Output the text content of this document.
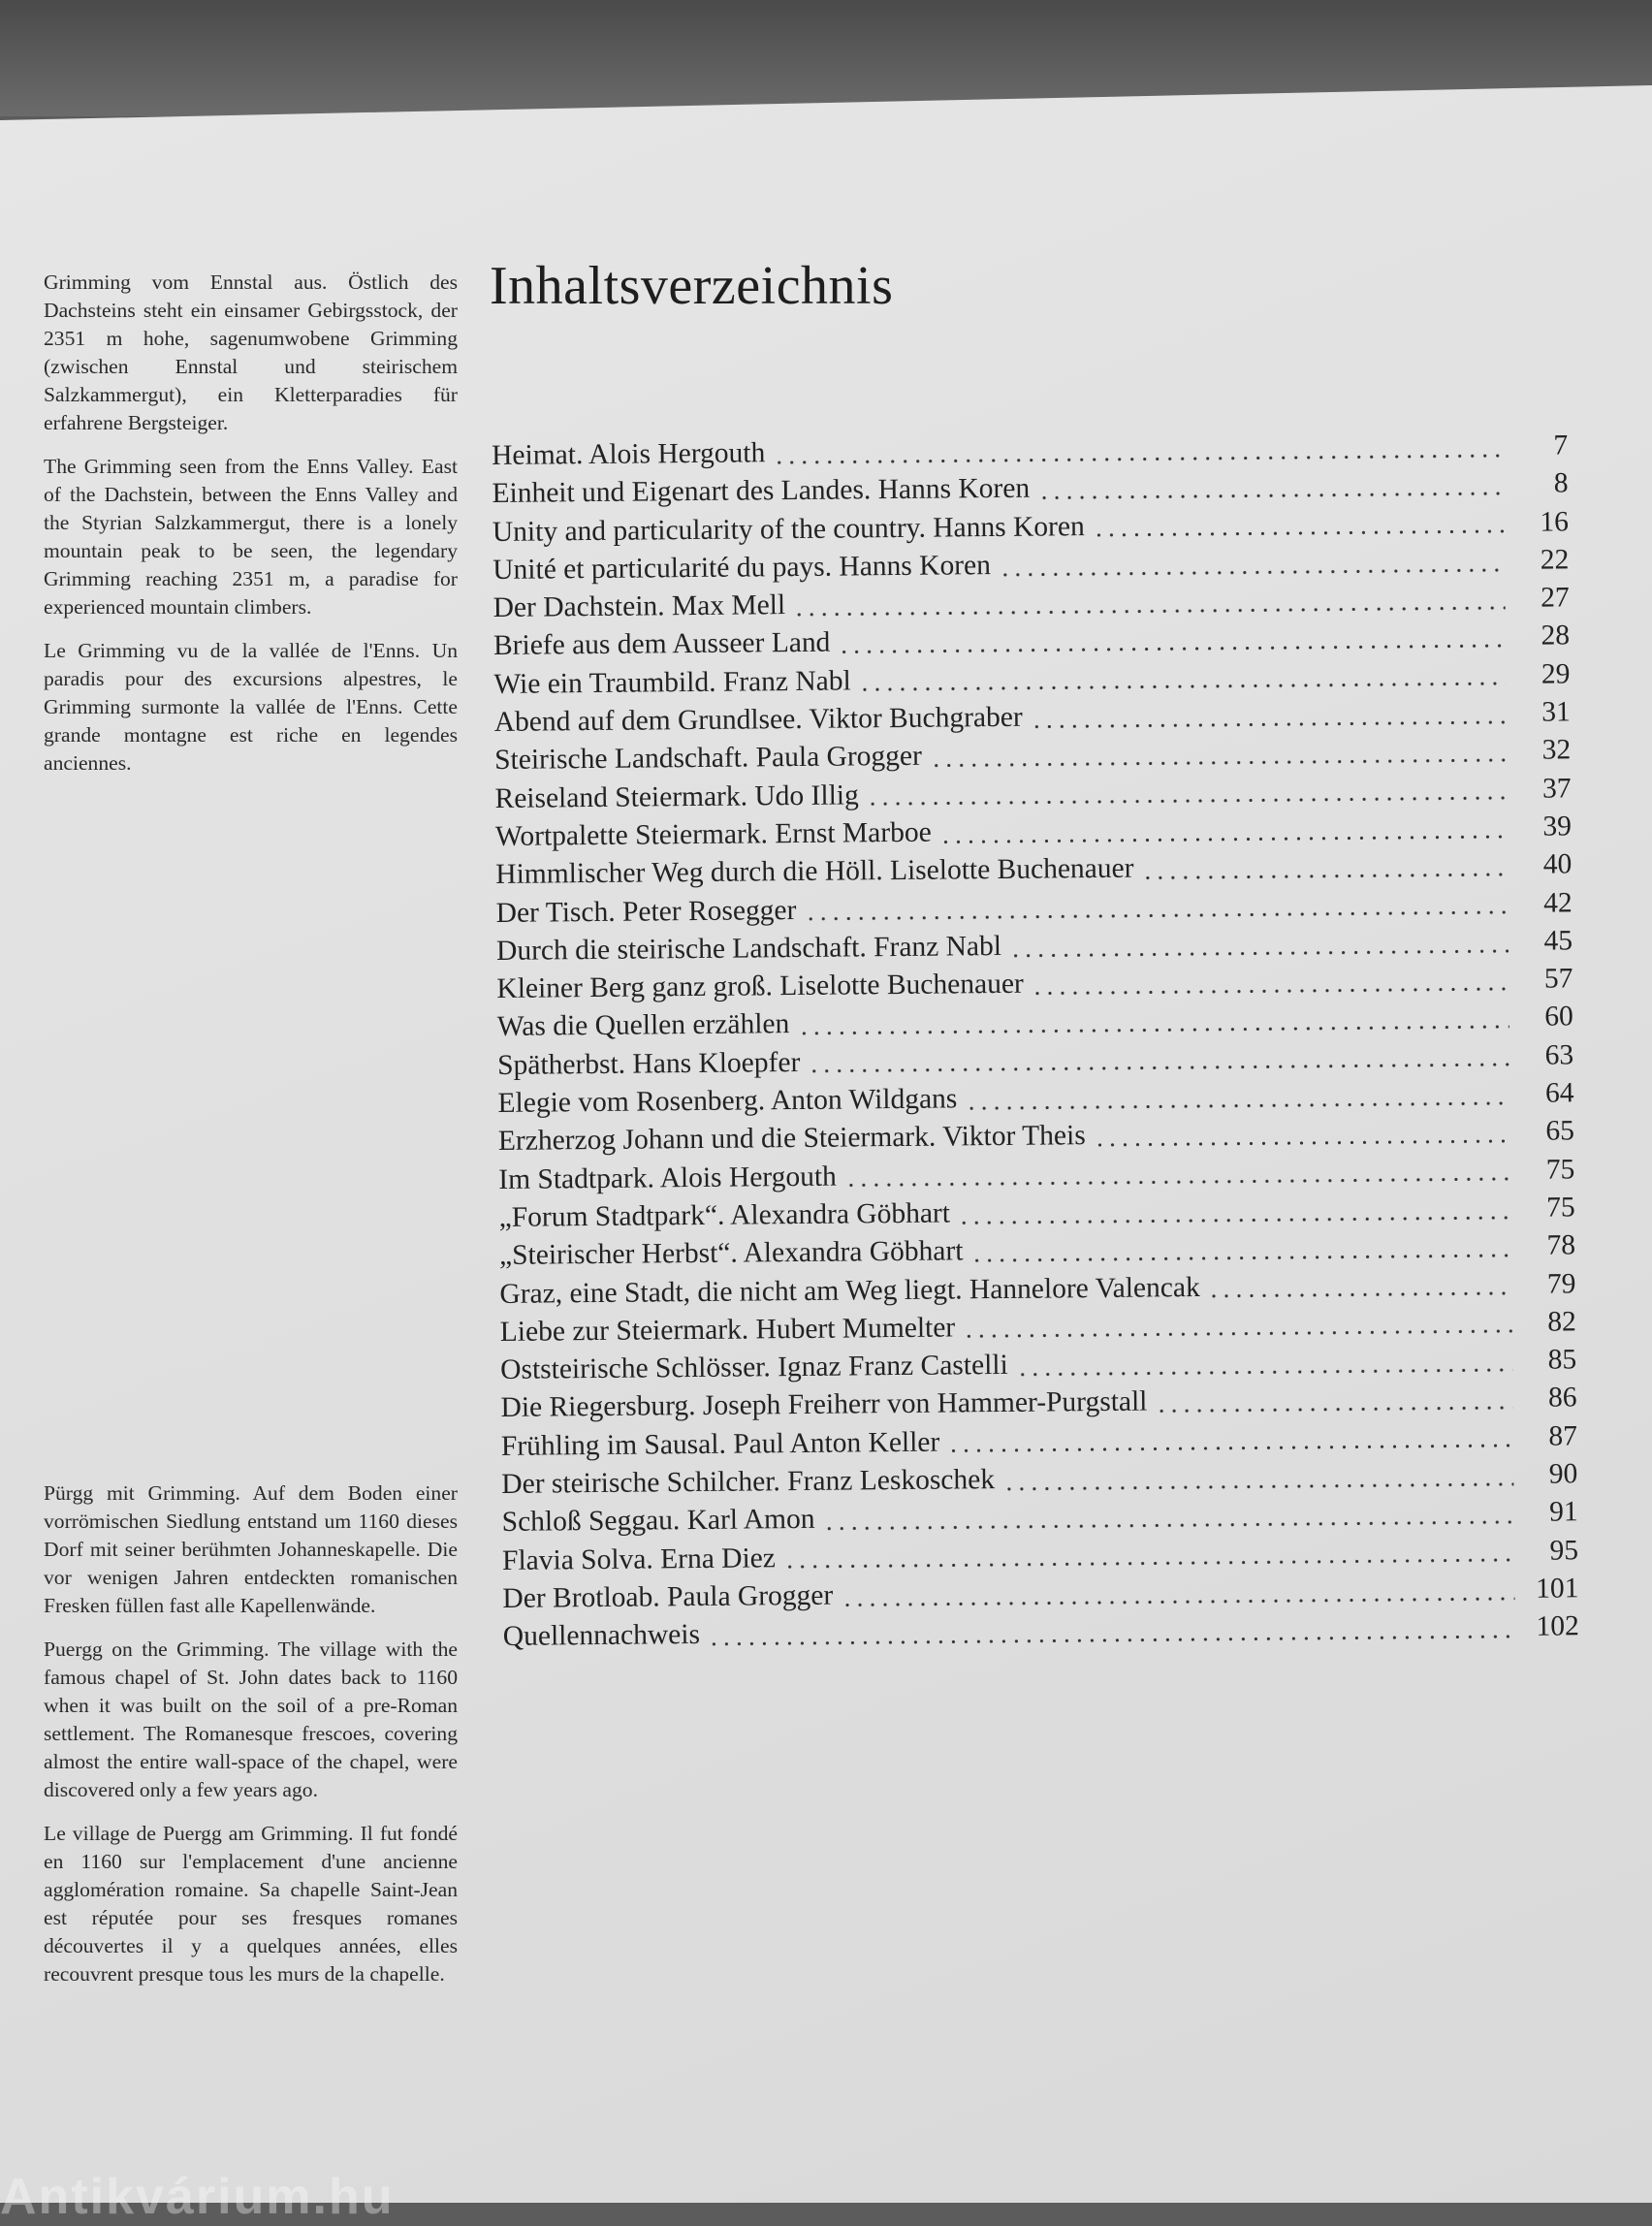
Grimming vom Ennstal aus. Östlich des Dachsteins steht ein einsamer Gebirgsstock, der 2351 m hohe, sagenumwobene Grimming (zwischen Ennstal und steirischem Salzkammergut), ein Kletterparadies für erfahrene Bergsteiger.

The Grimming seen from the Enns Valley. East of the Dachstein, between the Enns Valley and the Styrian Salzkammergut, there is a lonely mountain peak to be seen, the legendary Grimming reaching 2351 m, a paradise for experienced mountain climbers.

Le Grimming vu de la vallée de l'Enns. Un paradis pour des excursions alpestres, le Grimming surmonte la vallée de l'Enns. Cette grande montagne est riche en legendes anciennes.

Pürgg mit Grimming. Auf dem Boden einer vorrömischen Siedlung entstand um 1160 dieses Dorf mit seiner berühmten Johanneskapelle. Die vor wenigen Jahren entdeckten romanischen Fresken füllen fast alle Kapellenwände.

Puergg on the Grimming. The village with the famous chapel of St. John dates back to 1160 when it was built on the soil of a pre-Roman settlement. The Romanesque frescoes, covering almost the entire wall-space of the chapel, were discovered only a few years ago.

Le village de Puergg am Grimming. Il fut fondé en 1160 sur l'emplacement d'une ancienne agglomération romaine. Sa chapelle Saint-Jean est réputée pour ses fresques romanes découvertes il y a quelques années, elles recouvrent presque tous les murs de la chapelle.

Inhaltsverzeichnis
Heimat. Alois Hergouth	7
Einheit und Eigenart des Landes. Hanns Koren	8
Unity and particularity of the country. Hanns Koren	16
Unité et particularité du pays. Hanns Koren	22
Der Dachstein. Max Mell	27
Briefe aus dem Ausseer Land	28
Wie ein Traumbild. Franz Nabl	29
Abend auf dem Grundlsee. Viktor Buchgraber	31
Steirische Landschaft. Paula Grogger	32
Reiseland Steiermark. Udo Illig	37
Wortpalette Steiermark. Ernst Marboe	39
Himmlischer Weg durch die Höll. Liselotte Buchenauer	40
Der Tisch. Peter Rosegger	42
Durch die steirische Landschaft. Franz Nabl	45
Kleiner Berg ganz groß. Liselotte Buchenauer	57
Was die Quellen erzählen	60
Spätherbst. Hans Kloepfer	63
Elegie vom Rosenberg. Anton Wildgans	64
Erzherzog Johann und die Steiermark. Viktor Theis	65
Im Stadtpark. Alois Hergouth	75
„Forum Stadtpark“. Alexandra Göbhart	75
„Steirischer Herbst“. Alexandra Göbhart	78
Graz, eine Stadt, die nicht am Weg liegt. Hannelore Valencak	79
Liebe zur Steiermark. Hubert Mumelter	82
Oststeirische Schlösser. Ignaz Franz Castelli	85
Die Riegersburg. Joseph Freiherr von Hammer-Purgstall	86
Frühling im Sausal. Paul Anton Keller	87
Der steirische Schilcher. Franz Leskoschek	90
Schloß Seggau. Karl Amon	91
Flavia Solva. Erna Diez	95
Der Brotloab. Paula Grogger	101
Quellennachweis	102
Antikvárium.hu
